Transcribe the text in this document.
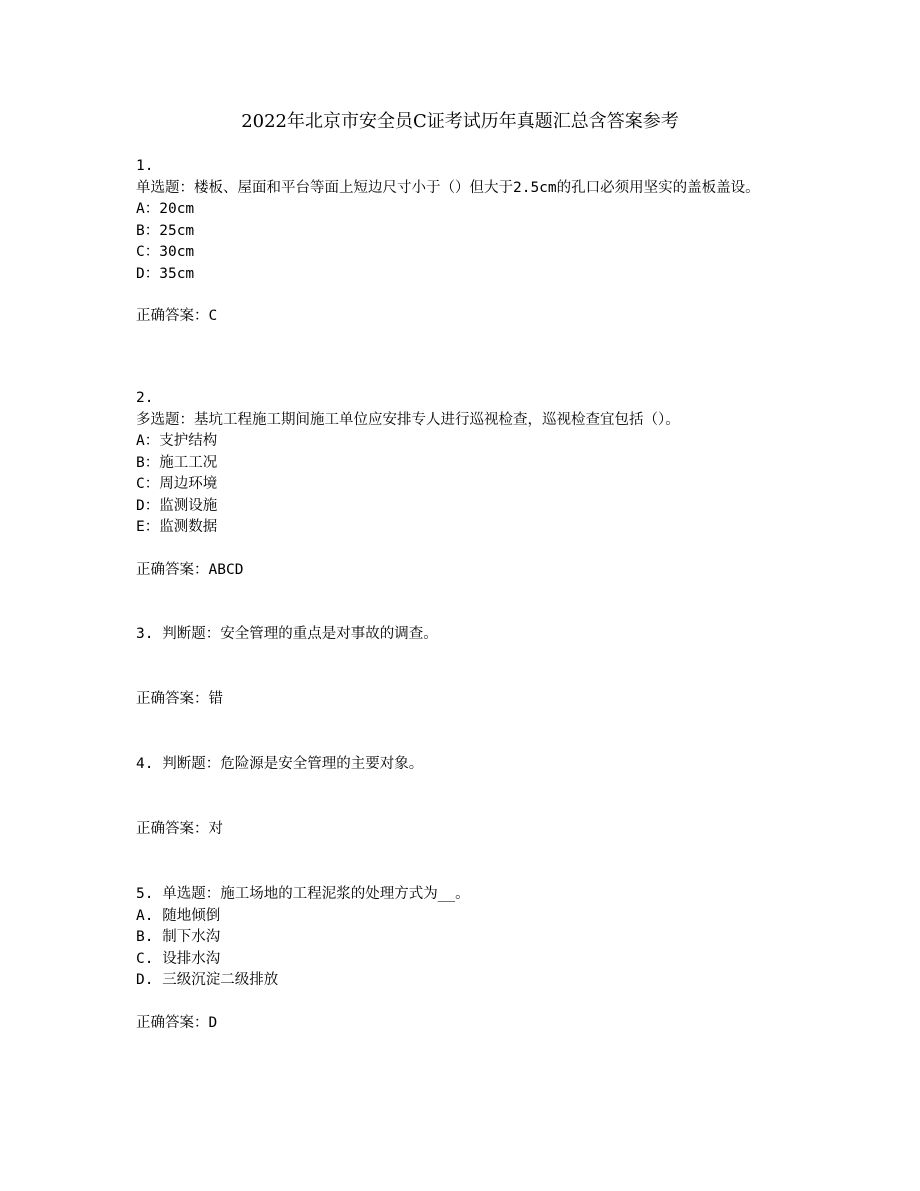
2022年北京市安全员C证考试历年真题汇总含答案参考
1.
单选题：楼板、屋面和平台等面上短边尺寸小于（）但大于2.5cm的孔口必须用坚实的盖板盖设。
A：20cm
B：25cm
C：30cm
D：35cm
正确答案：C
2.
多选题：基坑工程施工期间施工单位应安排专人进行巡视检查，巡视检查宜包括（）。
A：支护结构
B：施工工况
C：周边环境
D：监测设施
E：监测数据
正确答案：ABCD
3. 判断题：安全管理的重点是对事故的调查。
正确答案：错
4. 判断题：危险源是安全管理的主要对象。
正确答案：对
5. 单选题：施工场地的工程泥浆的处理方式为__。
A. 随地倾倒
B. 制下水沟
C. 设排水沟
D. 三级沉淀二级排放
正确答案：D
